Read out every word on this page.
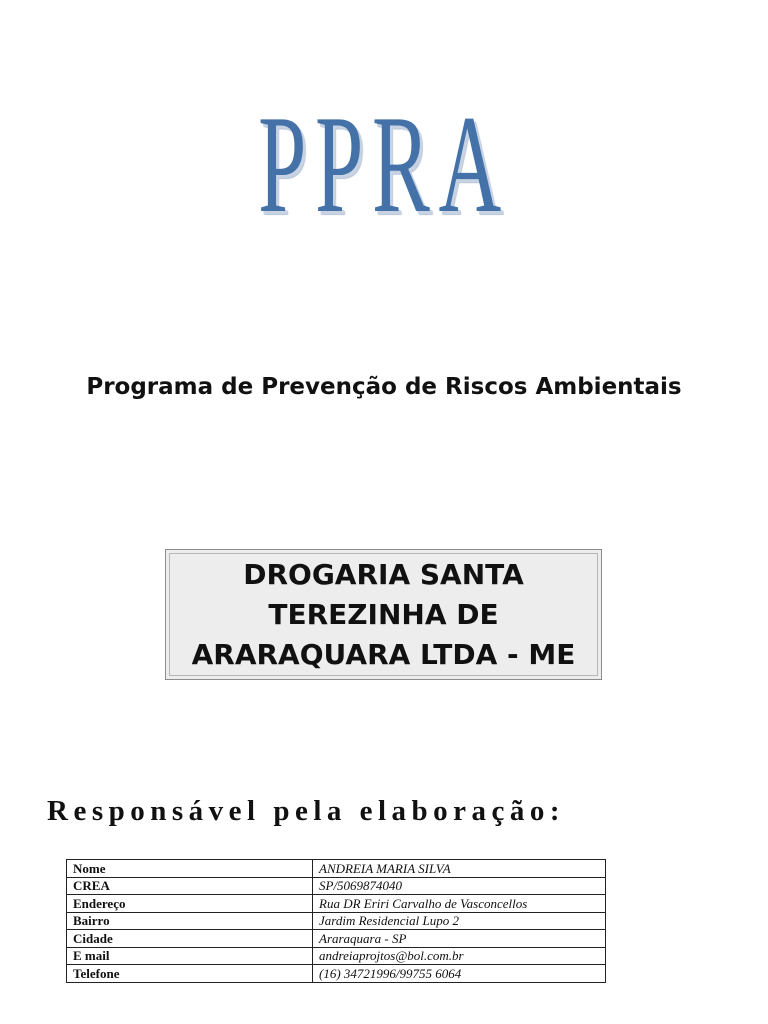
PPRA
Programa de Prevenção de Riscos Ambientais
DROGARIA SANTA
TEREZINHA DE
ARARAQUARA LTDA - ME
Responsável pela elaboração:
Nome	ANDREIA MARIA SILVA
CREA	SP/5069874040
Endereço	Rua DR Eriri Carvalho de Vasconcellos
Bairro	Jardim Residencial Lupo 2
Cidade	Araraquara - SP
E mail	andreiaprojtos@bol.com.br
Telefone	(16) 34721996/99755 6064
